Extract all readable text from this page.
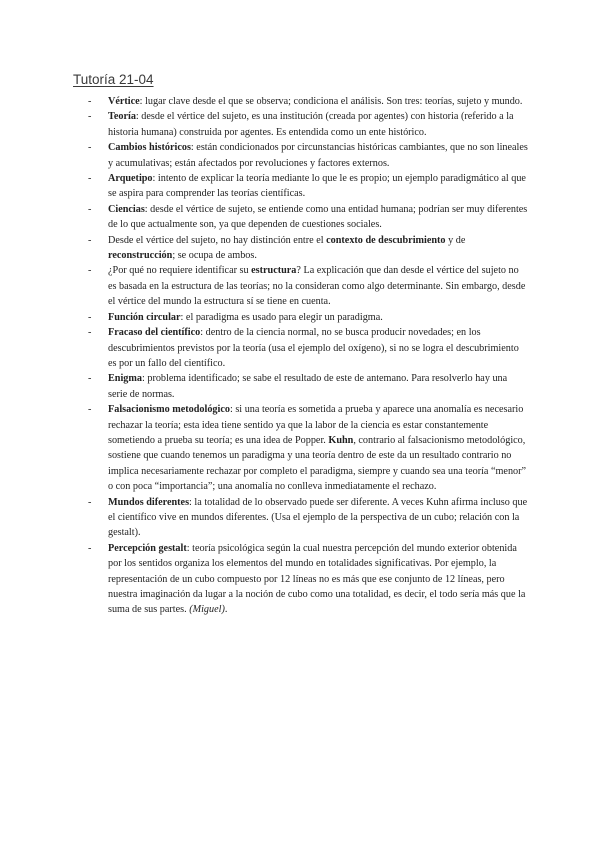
Tutoría 21-04
- Vértice: lugar clave desde el que se observa; condiciona el análisis. Son tres: teorías, sujeto y mundo.
- Teoría: desde el vértice del sujeto, es una institución (creada por agentes) con historia (referido a la historia humana) construida por agentes. Es entendida como un ente histórico.
- Cambios históricos: están condicionados por circunstancias históricas cambiantes, que no son lineales y acumulativas; están afectados por revoluciones y factores externos.
- Arquetipo: intento de explicar la teoría mediante lo que le es propio; un ejemplo paradigmático al que se aspira para comprender las teorías científicas.
- Ciencias: desde el vértice de sujeto, se entiende como una entidad humana; podrían ser muy diferentes de lo que actualmente son, ya que dependen de cuestiones sociales.
- Desde el vértice del sujeto, no hay distinción entre el contexto de descubrimiento y de reconstrucción; se ocupa de ambos.
- ¿Por qué no requiere identificar su estructura? La explicación que dan desde el vértice del sujeto no es basada en la estructura de las teorías; no la consideran como algo determinante. Sin embargo, desde el vértice del mundo la estructura sí se tiene en cuenta.
- Función circular: el paradigma es usado para elegir un paradigma.
- Fracaso del científico: dentro de la ciencia normal, no se busca producir novedades; en los descubrimientos previstos por la teoría (usa el ejemplo del oxígeno), si no se logra el descubrimiento es por un fallo del científico.
- Enigma: problema identificado; se sabe el resultado de este de antemano. Para resolverlo hay una serie de normas.
- Falsacionismo metodológico: si una teoría es sometida a prueba y aparece una anomalía es necesario rechazar la teoría; esta idea tiene sentido ya que la labor de la ciencia es estar constantemente sometiendo a prueba su teoría; es una idea de Popper. Kuhn, contrario al falsacionismo metodológico, sostiene que cuando tenemos un paradigma y una teoría dentro de este da un resultado contrario no implica necesariamente rechazar por completo el paradigma, siempre y cuando sea una teoría “menor” o con poca “importancia”; una anomalía no conlleva inmediatamente el rechazo.
- Mundos diferentes: la totalidad de lo observado puede ser diferente. A veces Kuhn afirma incluso que el científico vive en mundos diferentes. (Usa el ejemplo de la perspectiva de un cubo; relación con la gestalt).
- Percepción gestalt: teoría psicológica según la cual nuestra percepción del mundo exterior obtenida por los sentidos organiza los elementos del mundo en totalidades significativas. Por ejemplo, la representación de un cubo compuesto por 12 líneas no es más que ese conjunto de 12 líneas, pero nuestra imaginación da lugar a la noción de cubo como una totalidad, es decir, el todo sería más que la suma de sus partes. (Miguel).
